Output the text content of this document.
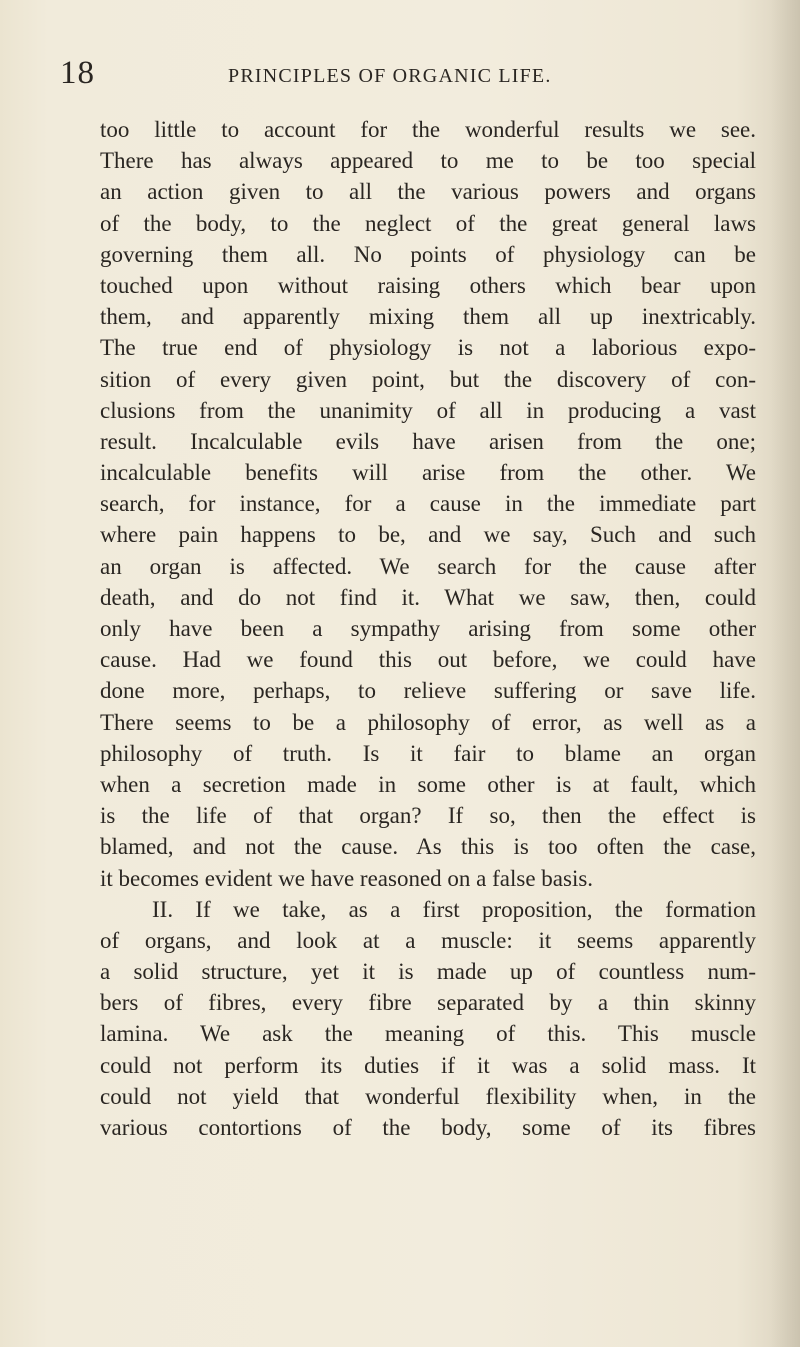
18	PRINCIPLES OF ORGANIC LIFE.
too little to account for the wonderful results we see.
There has always appeared to me to be too special
an action given to all the various powers and organs
of the body, to the neglect of the great general laws
governing them all. No points of physiology can be
touched upon without raising others which bear upon
them, and apparently mixing them all up inextricably.
The true end of physiology is not a laborious expo-
sition of every given point, but the discovery of con-
clusions from the unanimity of all in producing a vast
result. Incalculable evils have arisen from the one;
incalculable benefits will arise from the other. We
search, for instance, for a cause in the immediate part
where pain happens to be, and we say, Such and such
an organ is affected. We search for the cause after
death, and do not find it. What we saw, then, could
only have been a sympathy arising from some other
cause. Had we found this out before, we could have
done more, perhaps, to relieve suffering or save life.
There seems to be a philosophy of error, as well as a
philosophy of truth. Is it fair to blame an organ
when a secretion made in some other is at fault, which
is the life of that organ? If so, then the effect is
blamed, and not the cause. As this is too often the case,
it becomes evident we have reasoned on a false basis.
II. If we take, as a first proposition, the formation
of organs, and look at a muscle: it seems apparently
a solid structure, yet it is made up of countless num-
bers of fibres, every fibre separated by a thin skinny
lamina. We ask the meaning of this. This muscle
could not perform its duties if it was a solid mass. It
could not yield that wonderful flexibility when, in the
various contortions of the body, some of its fibres
